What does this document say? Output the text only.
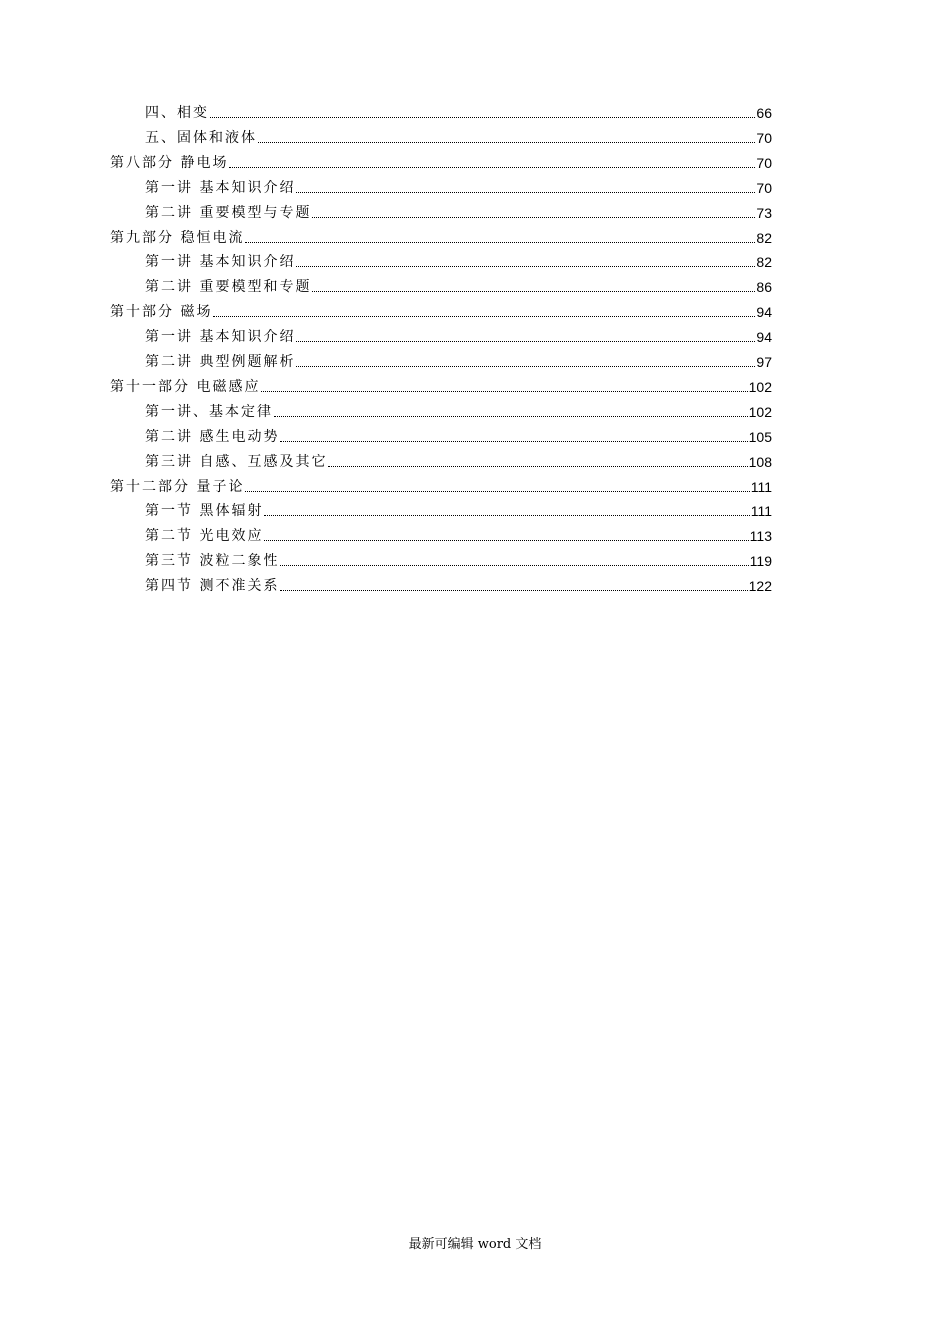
四、相变	66
五、固体和液体	70
第八部分 静电场	70
第一讲 基本知识介绍	70
第二讲 重要模型与专题	73
第九部分 稳恒电流	82
第一讲 基本知识介绍	82
第二讲 重要模型和专题	86
第十部分 磁场	94
第一讲 基本知识介绍	94
第二讲 典型例题解析	97
第十一部分 电磁感应	102
第一讲、基本定律	102
第二讲 感生电动势	105
第三讲 自感、互感及其它	108
第十二部分 量子论	111
第一节 黑体辐射	111
第二节 光电效应	113
第三节 波粒二象性	119
第四节 测不准关系	122
最新可编辑 word 文档
